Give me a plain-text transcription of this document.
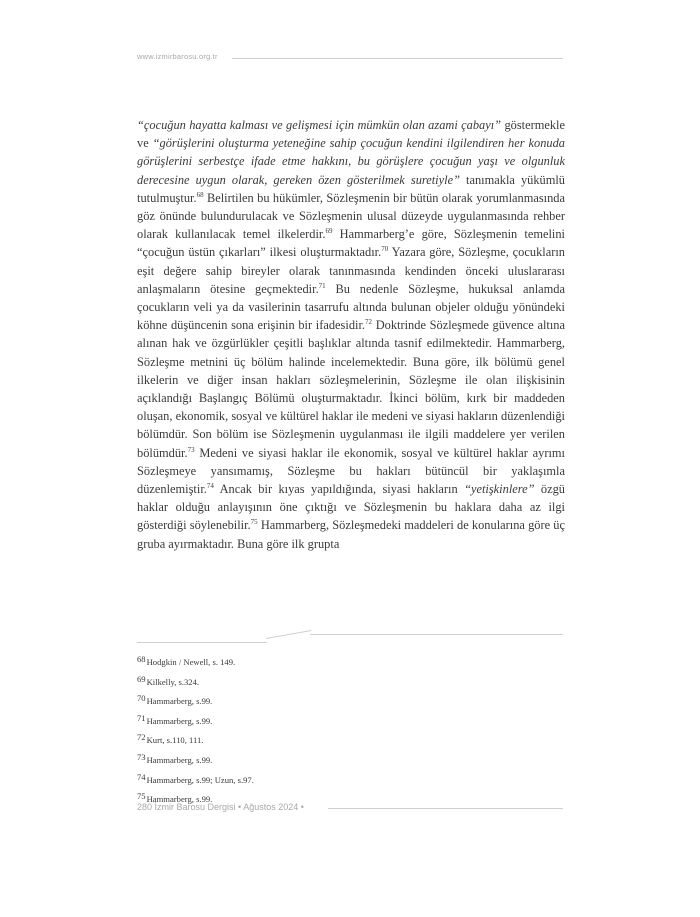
www.izmirbarosu.org.tr

“çocuğun hayatta kalması ve gelişmesi için mümkün olan azami çabayı” göstermekle ve “görüşlerini oluşturma yeteneğine sahip çocuğun kendini ilgilendiren her konuda görüşlerini serbestçe ifade etme hakkını, bu görüşlere çocuğun yaşı ve olgunluk derecesine uygun olarak, gereken özen gösterilmek suretiyle” tanımakla yükümlü tutulmuştur.$^{68}$ Belirtilen bu hükümler, Sözleşmenin bir bütün olarak yorumlanmasında göz önünde bulundurulacak ve Sözleşmenin ulusal düzeyde uygulanmasında rehber olarak kullanılacak temel ilkelerdir.$^{69}$ Hammarberg’e göre, Sözleşmenin temelini “çocuğun üstün çıkarları” ilkesi oluşturmaktadır.$^{70}$ Yazara göre, Sözleşme, çocukların eşit değere sahip bireyler olarak tanınmasında kendinden önceki uluslararası anlaşmaların ötesine geçmektedir.$^{71}$ Bu nedenle Sözleşme, hukuksal anlamda çocukların veli ya da vasilerinin tasarrufu altında bulunan objeler olduğu yönündeki köhne düşüncenin sona erişinin bir ifadesidir.$^{72}$ Doktrinde Sözleşmede güvence altına alınan hak ve özgürlükler çeşitli başlıklar altında tasnif edilmektedir. Hammarberg, Sözleşme metnini üç bölüm halinde incelemektedir. Buna göre, ilk bölümü genel ilkelerin ve diğer insan hakları sözleşmelerinin, Sözleşme ile olan ilişkisinin açıklandığı Başlangıç Bölümü oluşturmaktadır. İkinci bölüm, kırk bir maddeden oluşan, ekonomik, sosyal ve kültürel haklar ile medeni ve siyasi hakların düzenlendiği bölümdür. Son bölüm ise Sözleşmenin uygulanması ile ilgili maddelere yer verilen bölümdür.$^{73}$ Medeni ve siyasi haklar ile ekonomik, sosyal ve kültürel haklar ayrımı Sözleşmeye yansımamış, Sözleşme bu hakları bütüncül bir yaklaşımla düzenlemiştir.$^{74}$ Ancak bir kıyas yapıldığında, siyasi hakların “yetişkinlere” özgü haklar olduğu anlayışının öne çıktığı ve Sözleşmenin bu haklara daha az ilgi gösterdiği söylenebilir.$^{75}$ Hammarberg, Sözleşmedeki maddeleri de konularına göre üç gruba ayırmaktadır. Buna göre ilk grupta

68Hodgkin / Newell, s. 149.
69Kilkelly, s.324.
70Hammarberg, s.99.
71Hammarberg, s.99.
72Kurt, s.110, 111.
73Hammarberg, s.99.
74Hammarberg, s.99; Uzun, s.97.
75Hammarberg, s.99.
280 İzmir Barosu Dergisi • Ağustos 2024 •
